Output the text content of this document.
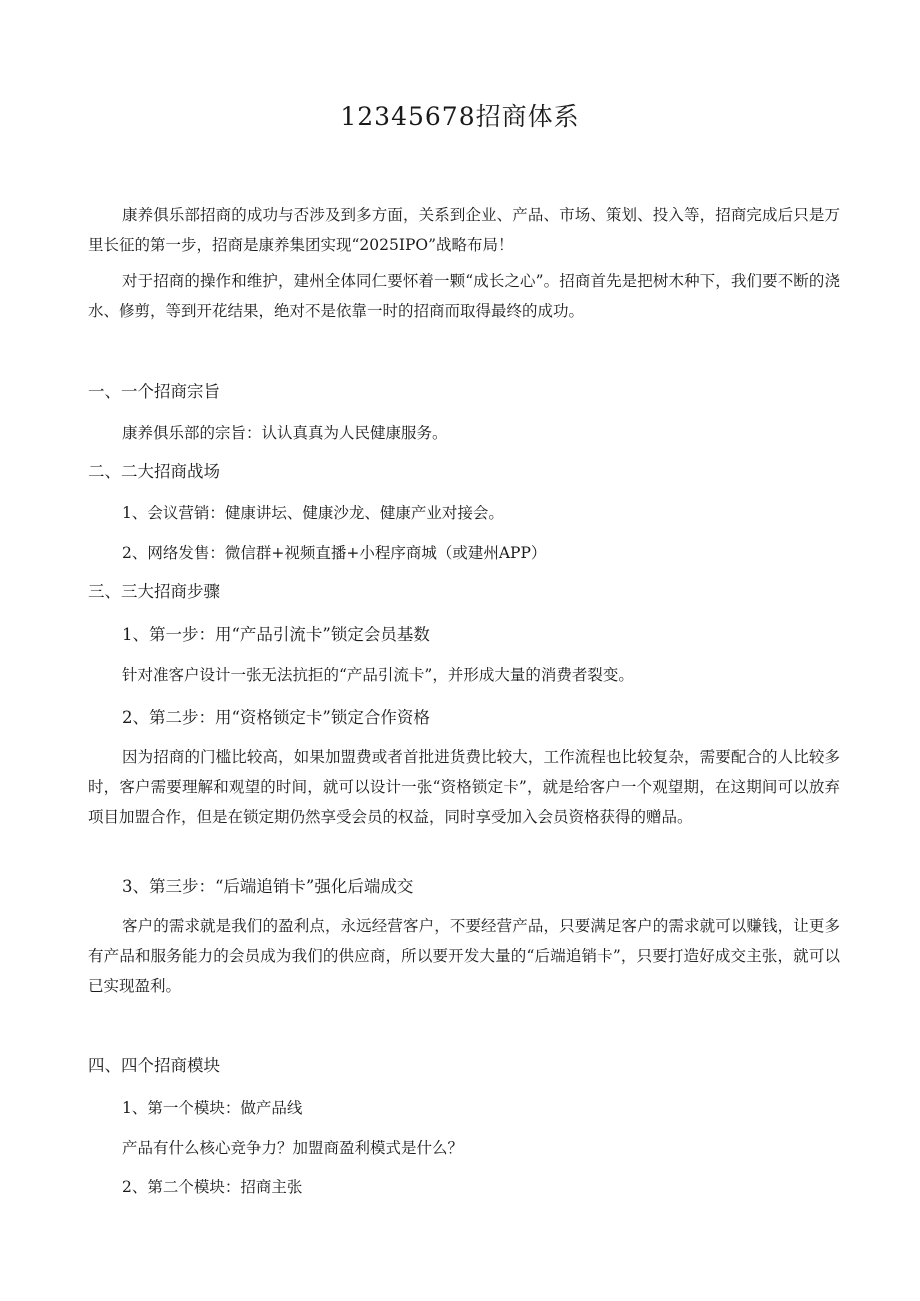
12345678招商体系

康养俱乐部招商的成功与否涉及到多方面，关系到企业、产品、市场、策划、投入等，招商完成后只是万里长征的第一步，招商是康养集团实现“2025IPO”战略布局！

对于招商的操作和维护，建州全体同仁要怀着一颗“成长之心”。招商首先是把树木种下，我们要不断的浇水、修剪，等到开花结果，绝对不是依靠一时的招商而取得最终的成功。

一、一个招商宗旨

康养俱乐部的宗旨：认认真真为人民健康服务。

二、二大招商战场

1、会议营销：健康讲坛、健康沙龙、健康产业对接会。

2、网络发售：微信群+视频直播+小程序商城（或建州APP）

三、三大招商步骤

1、第一步：用“产品引流卡”锁定会员基数

针对准客户设计一张无法抗拒的“产品引流卡”，并形成大量的消费者裂变。

2、第二步：用“资格锁定卡”锁定合作资格

因为招商的门槛比较高，如果加盟费或者首批进货费比较大，工作流程也比较复杂，需要配合的人比较多时，客户需要理解和观望的时间，就可以设计一张“资格锁定卡”，就是给客户一个观望期，在这期间可以放弃项目加盟合作，但是在锁定期仍然享受会员的权益，同时享受加入会员资格获得的赠品。

3、第三步：“后端追销卡”强化后端成交

客户的需求就是我们的盈利点，永远经营客户，不要经营产品，只要满足客户的需求就可以赚钱，让更多有产品和服务能力的会员成为我们的供应商，所以要开发大量的“后端追销卡”，只要打造好成交主张，就可以已实现盈利。

四、四个招商模块

1、第一个模块：做产品线

产品有什么核心竞争力？加盟商盈利模式是什么？

2、第二个模块：招商主张
